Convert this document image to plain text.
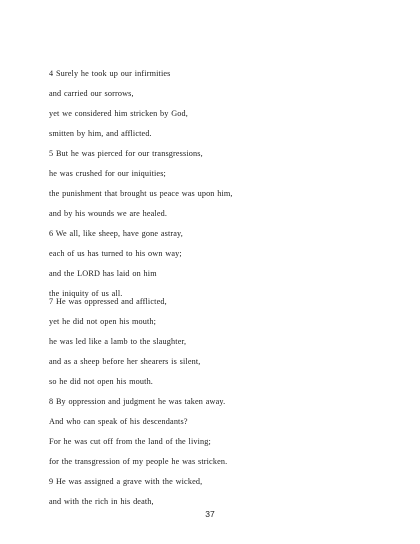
4 Surely he took up our infirmities
and carried our sorrows,
yet we considered him stricken by God,
smitten by him, and afflicted.
5 But he was pierced for our transgressions,
he was crushed for our iniquities;
the punishment that brought us peace was upon him,
and by his wounds we are healed.
6 We all, like sheep, have gone astray,
each of us has turned to his own way;
and the LORD has laid on him
the iniquity of us all.
7 He was oppressed and afflicted,
yet he did not open his mouth;
he was led like a lamb to the slaughter,
and as a sheep before her shearers is silent,
so he did not open his mouth.
8 By oppression and judgment he was taken away.
And who can speak of his descendants?
For he was cut off from the land of the living;
for the transgression of my people he was stricken.
9 He was assigned a grave with the wicked,
and with the rich in his death,
37
